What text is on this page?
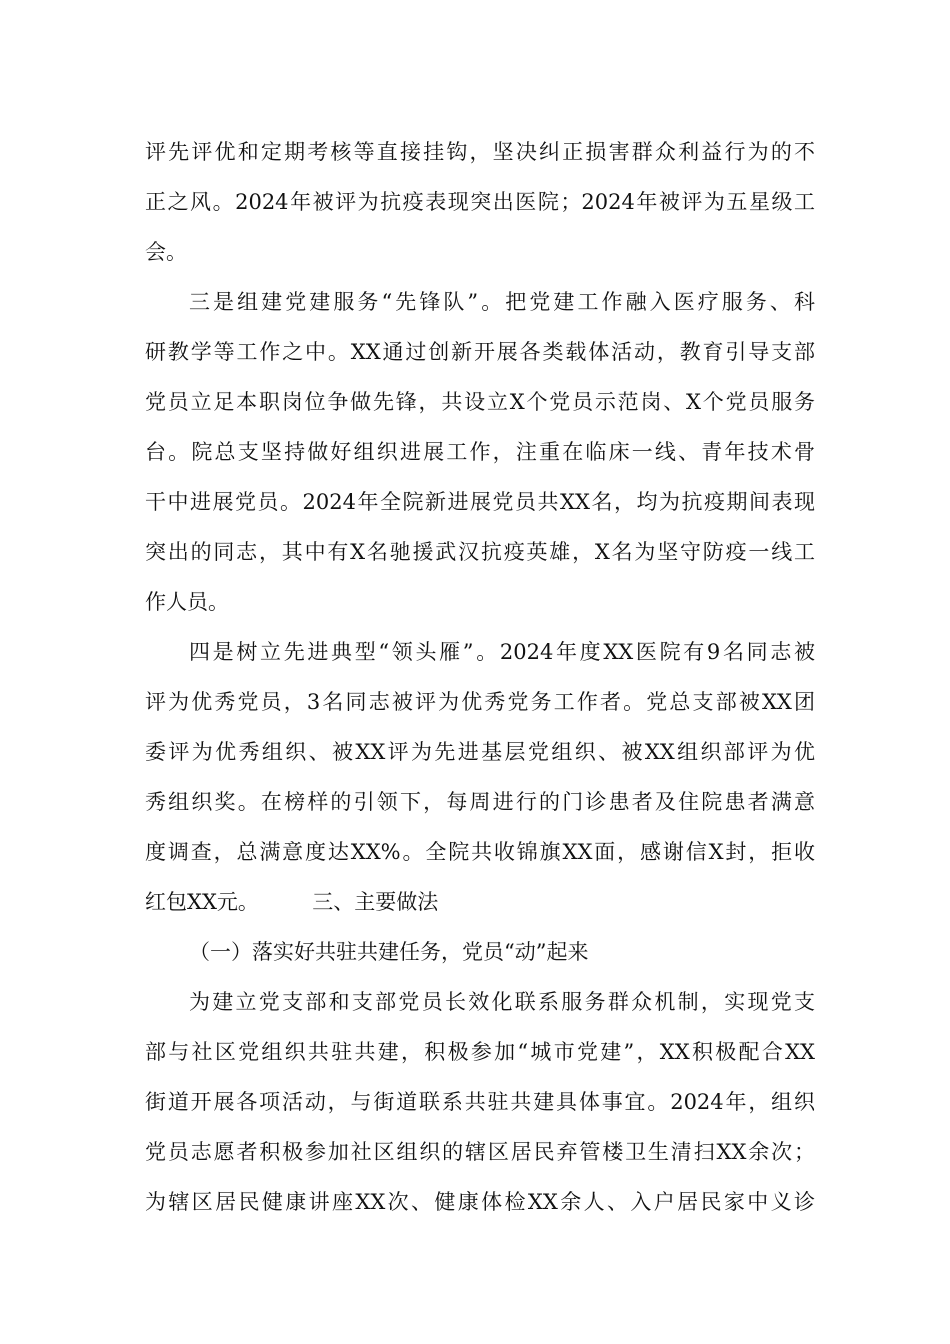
评先评优和定期考核等直接挂钩，坚决纠正损害群众利益行为的不
正之风。2024年被评为抗疫表现突出医院；2024年被评为五星级工
会。
三是组建党建服务“先锋队”。把党建工作融入医疗服务、科
研教学等工作之中。XX通过创新开展各类载体活动，教育引导支部
党员立足本职岗位争做先锋，共设立X个党员示范岗、X个党员服务
台。院总支坚持做好组织进展工作，注重在临床一线、青年技术骨
干中进展党员。2024年全院新进展党员共XX名，均为抗疫期间表现
突出的同志，其中有X名驰援武汉抗疫英雄，X名为坚守防疫一线工
作人员。
四是树立先进典型“领头雁”。2024年度XX医院有9名同志被
评为优秀党员，3名同志被评为优秀党务工作者。党总支部被XX团
委评为优秀组织、被XX评为先进基层党组织、被XX组织部评为优
秀组织奖。在榜样的引领下，每周进行的门诊患者及住院患者满意
度调查，总满意度达XX%。全院共收锦旗XX面，感谢信X封，拒收
红包XX元。        三、主要做法
（一）落实好共驻共建任务，党员“动”起来
为建立党支部和支部党员长效化联系服务群众机制，实现党支
部与社区党组织共驻共建，积极参加“城市党建”，XX积极配合XX
街道开展各项活动，与街道联系共驻共建具体事宜。2024年，组织
党员志愿者积极参加社区组织的辖区居民弃管楼卫生清扫XX余次；
为辖区居民健康讲座XX次、健康体检XX余人、入户居民家中义诊
